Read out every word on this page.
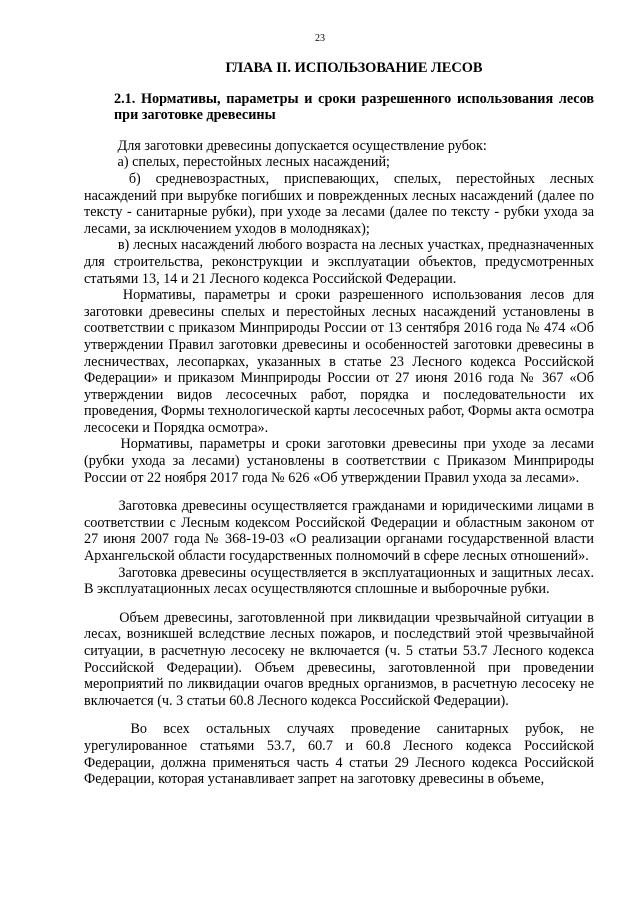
23
ГЛАВА II. ИСПОЛЬЗОВАНИЕ ЛЕСОВ
2.1. Нормативы, параметры и сроки разрешенного использования лесов при заготовке древесины

Для заготовки древесины допускается осуществление рубок:

а) спелых, перестойных лесных насаждений;

б) средневозрастных, приспевающих, спелых, перестойных лесных насаждений при вырубке погибших и поврежденных лесных насаждений (далее по тексту - санитарные рубки), при уходе за лесами (далее по тексту - рубки ухода за лесами, за исключением уходов в молодняках);

в) лесных насаждений любого возраста на лесных участках, предназначенных для строительства, реконструкции и эксплуатации объектов, предусмотренных статьями 13, 14 и 21 Лесного кодекса Российской Федерации.

Нормативы, параметры и сроки разрешенного использования лесов для заготовки древесины спелых и перестойных лесных насаждений установлены в соответствии с приказом Минприроды России от 13 сентября 2016 года № 474 «Об утверждении Правил заготовки древесины и особенностей заготовки древесины в лесничествах, лесопарках, указанных в статье 23 Лесного кодекса Российской Федерации» и приказом Минприроды России от 27 июня 2016 года № 367 «Об утверждении видов лесосечных работ, порядка и последовательности их проведения, Формы технологической карты лесосечных работ, Формы акта осмотра лесосеки и Порядка осмотра».

Нормативы, параметры и сроки заготовки древесины при уходе за лесами (рубки ухода за лесами) установлены в соответствии с Приказом Минприроды России от 22 ноября 2017 года № 626 «Об утверждении Правил ухода за лесами».

Заготовка древесины осуществляется гражданами и юридическими лицами в соответствии с Лесным кодексом Российской Федерации и областным законом от 27 июня 2007 года № 368-19-03 «О реализации органами государственной власти Архангельской области государственных полномочий в сфере лесных отношений».

Заготовка древесины осуществляется в эксплуатационных и защитных лесах. В эксплуатационных лесах осуществляются сплошные и выборочные рубки.

Объем древесины, заготовленной при ликвидации чрезвычайной ситуации в лесах, возникшей вследствие лесных пожаров, и последствий этой чрезвычайной ситуации, в расчетную лесосеку не включается (ч. 5 статьи 53.7 Лесного кодекса Российской Федерации). Объем древесины, заготовленной при проведении мероприятий по ликвидации очагов вредных организмов, в расчетную лесосеку не включается (ч. 3 статьи 60.8 Лесного кодекса Российской Федерации).

Во всех остальных случаях проведение санитарных рубок, не урегулированное статьями 53.7, 60.7 и 60.8 Лесного кодекса Российской Федерации, должна применяться часть 4 статьи 29 Лесного кодекса Российской Федерации, которая устанавливает запрет на заготовку древесины в объеме,
